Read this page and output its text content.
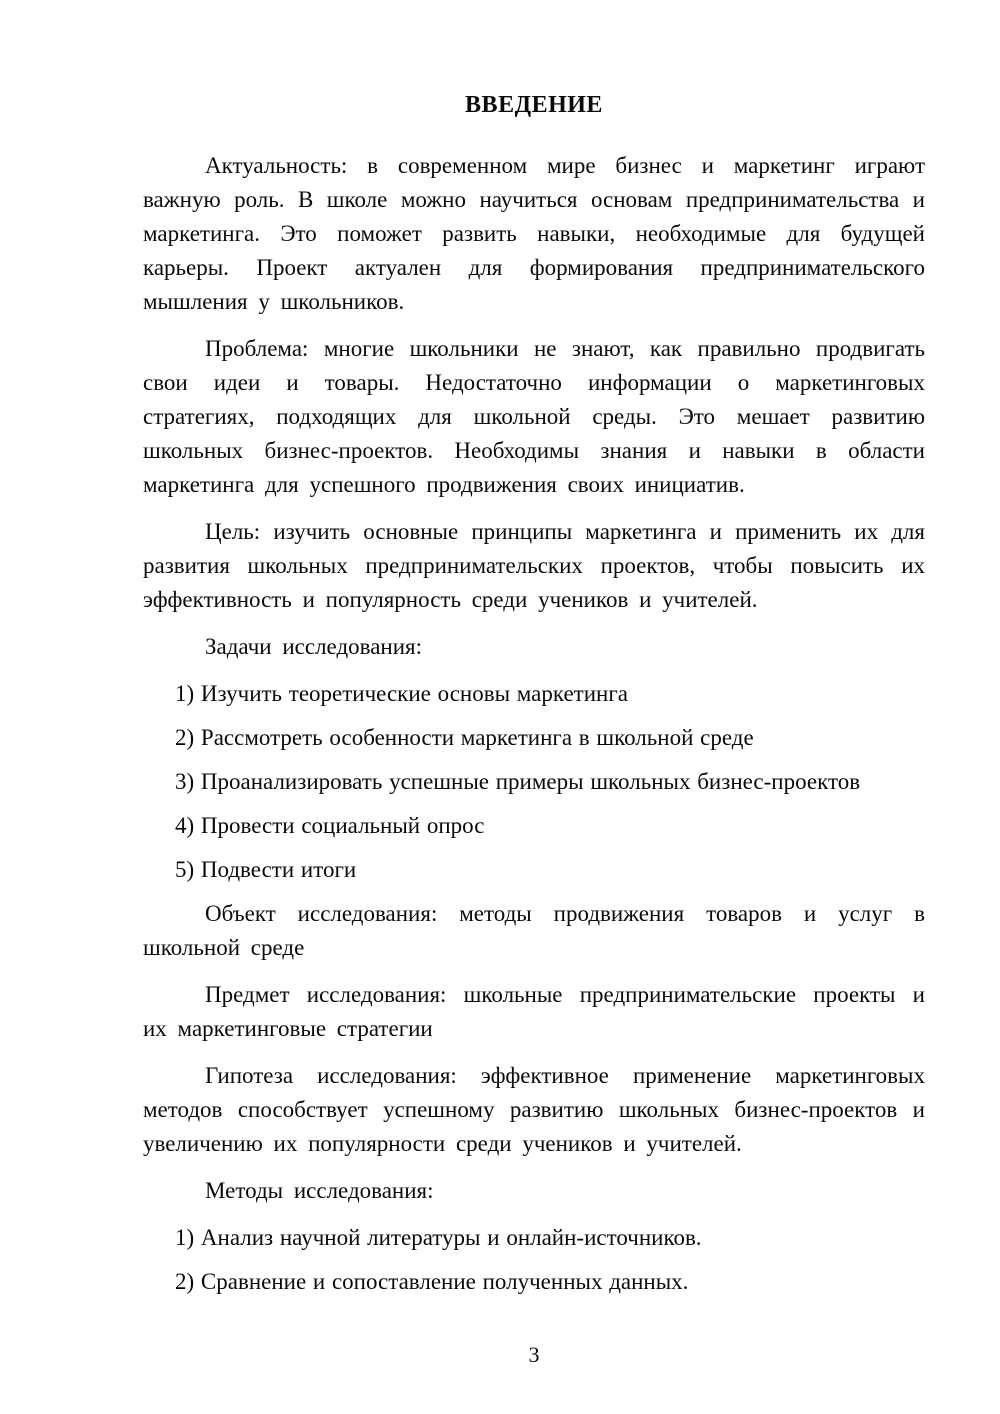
ВВЕДЕНИЕ

Актуальность: в современном мире бизнес и маркетинг играют важную роль. В школе можно научиться основам предпринимательства и маркетинга. Это поможет развить навыки, необходимые для будущей карьеры. Проект актуален для формирования предпринимательского мышления у школьников.

Проблема: многие школьники не знают, как правильно продвигать свои идеи и товары. Недостаточно информации о маркетинговых стратегиях, подходящих для школьной среды. Это мешает развитию школьных бизнес-проектов. Необходимы знания и навыки в области маркетинга для успешного продвижения своих инициатив.

Цель: изучить основные принципы маркетинга и применить их для развития школьных предпринимательских проектов, чтобы повысить их эффективность и популярность среди учеников и учителей.

Задачи исследования:

1) Изучить теоретические основы маркетинга

2) Рассмотреть особенности маркетинга в школьной среде

3) Проанализировать успешные примеры школьных бизнес-проектов

4) Провести социальный опрос

5) Подвести итоги

Объект исследования: методы продвижения товаров и услуг в школьной среде

Предмет исследования: школьные предпринимательские проекты и их маркетинговые стратегии

Гипотеза исследования: эффективное применение маркетинговых методов способствует успешному развитию школьных бизнес-проектов и увеличению их популярности среди учеников и учителей.

Методы исследования:

1) Анализ научной литературы и онлайн-источников.

2) Сравнение и сопоставление полученных данных.

3
